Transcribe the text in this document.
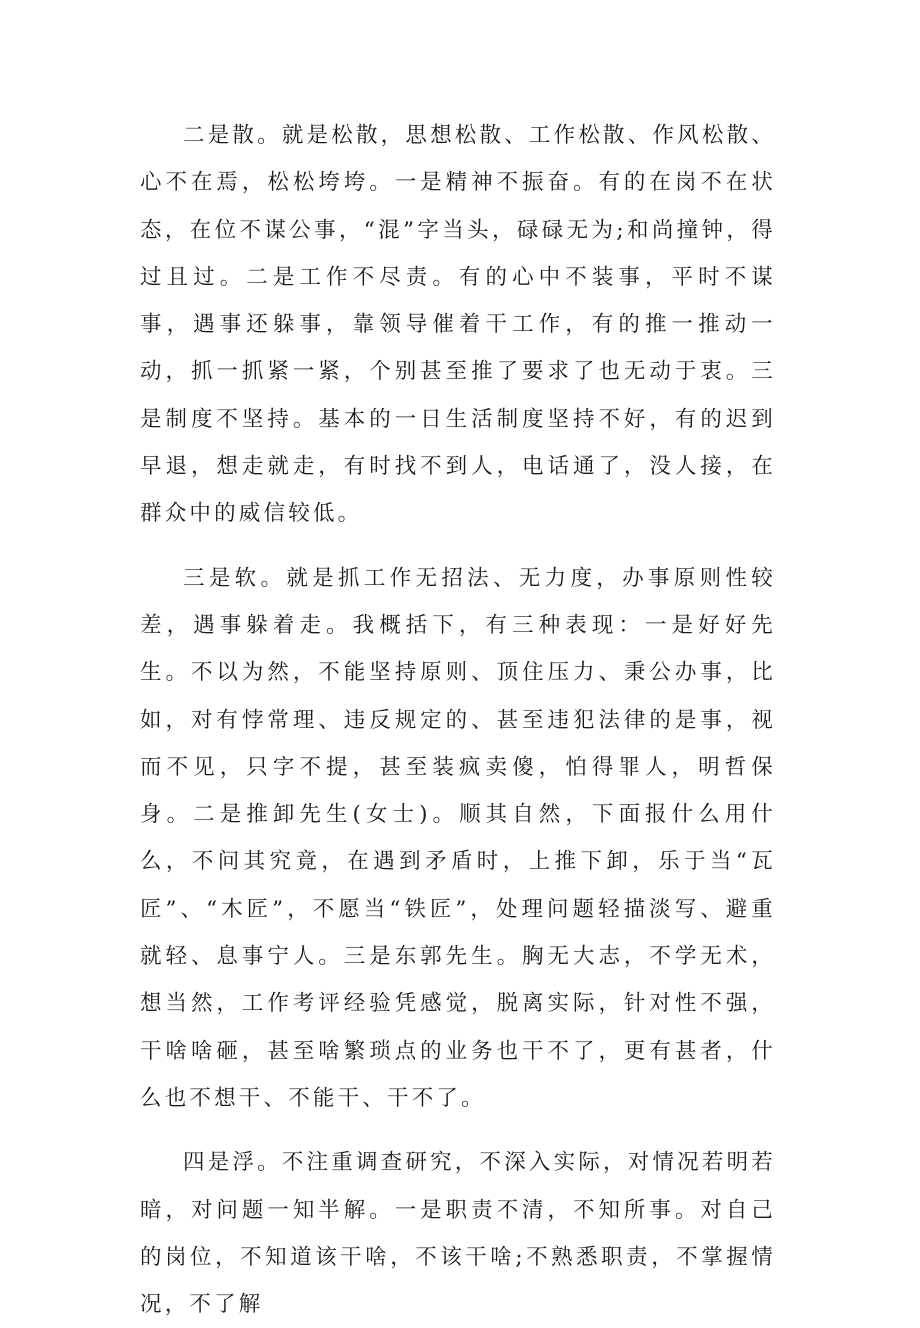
二是散。就是松散，思想松散、工作松散、作风松散、心不在焉，松松垮垮。一是精神不振奋。有的在岗不在状态，在位不谋公事，“混”字当头，碌碌无为;和尚撞钟，得过且过。二是工作不尽责。有的心中不装事，平时不谋事，遇事还躲事，靠领导催着干工作，有的推一推动一动，抓一抓紧一紧，个别甚至推了要求了也无动于衷。三是制度不坚持。基本的一日生活制度坚持不好，有的迟到早退，想走就走，有时找不到人，电话通了，没人接，在群众中的威信较低。

三是软。就是抓工作无招法、无力度，办事原则性较差，遇事躲着走。我概括下，有三种表现：一是好好先生。不以为然，不能坚持原则、顶住压力、秉公办事，比如，对有悖常理、违反规定的、甚至违犯法律的是事，视而不见，只字不提，甚至装疯卖傻，怕得罪人，明哲保身。二是推卸先生(女士)。顺其自然，下面报什么用什么，不问其究竟，在遇到矛盾时，上推下卸，乐于当“瓦匠”、“木匠”，不愿当“铁匠”，处理问题轻描淡写、避重就轻、息事宁人。三是东郭先生。胸无大志，不学无术，想当然，工作考评经验凭感觉，脱离实际，针对性不强，干啥啥砸，甚至啥繁琐点的业务也干不了，更有甚者，什么也不想干、不能干、干不了。

四是浮。不注重调查研究，不深入实际，对情况若明若暗，对问题一知半解。一是职责不清，不知所事。对自己的岗位，不知道该干啥，不该干啥;不熟悉职责，不掌握情况，不了解
